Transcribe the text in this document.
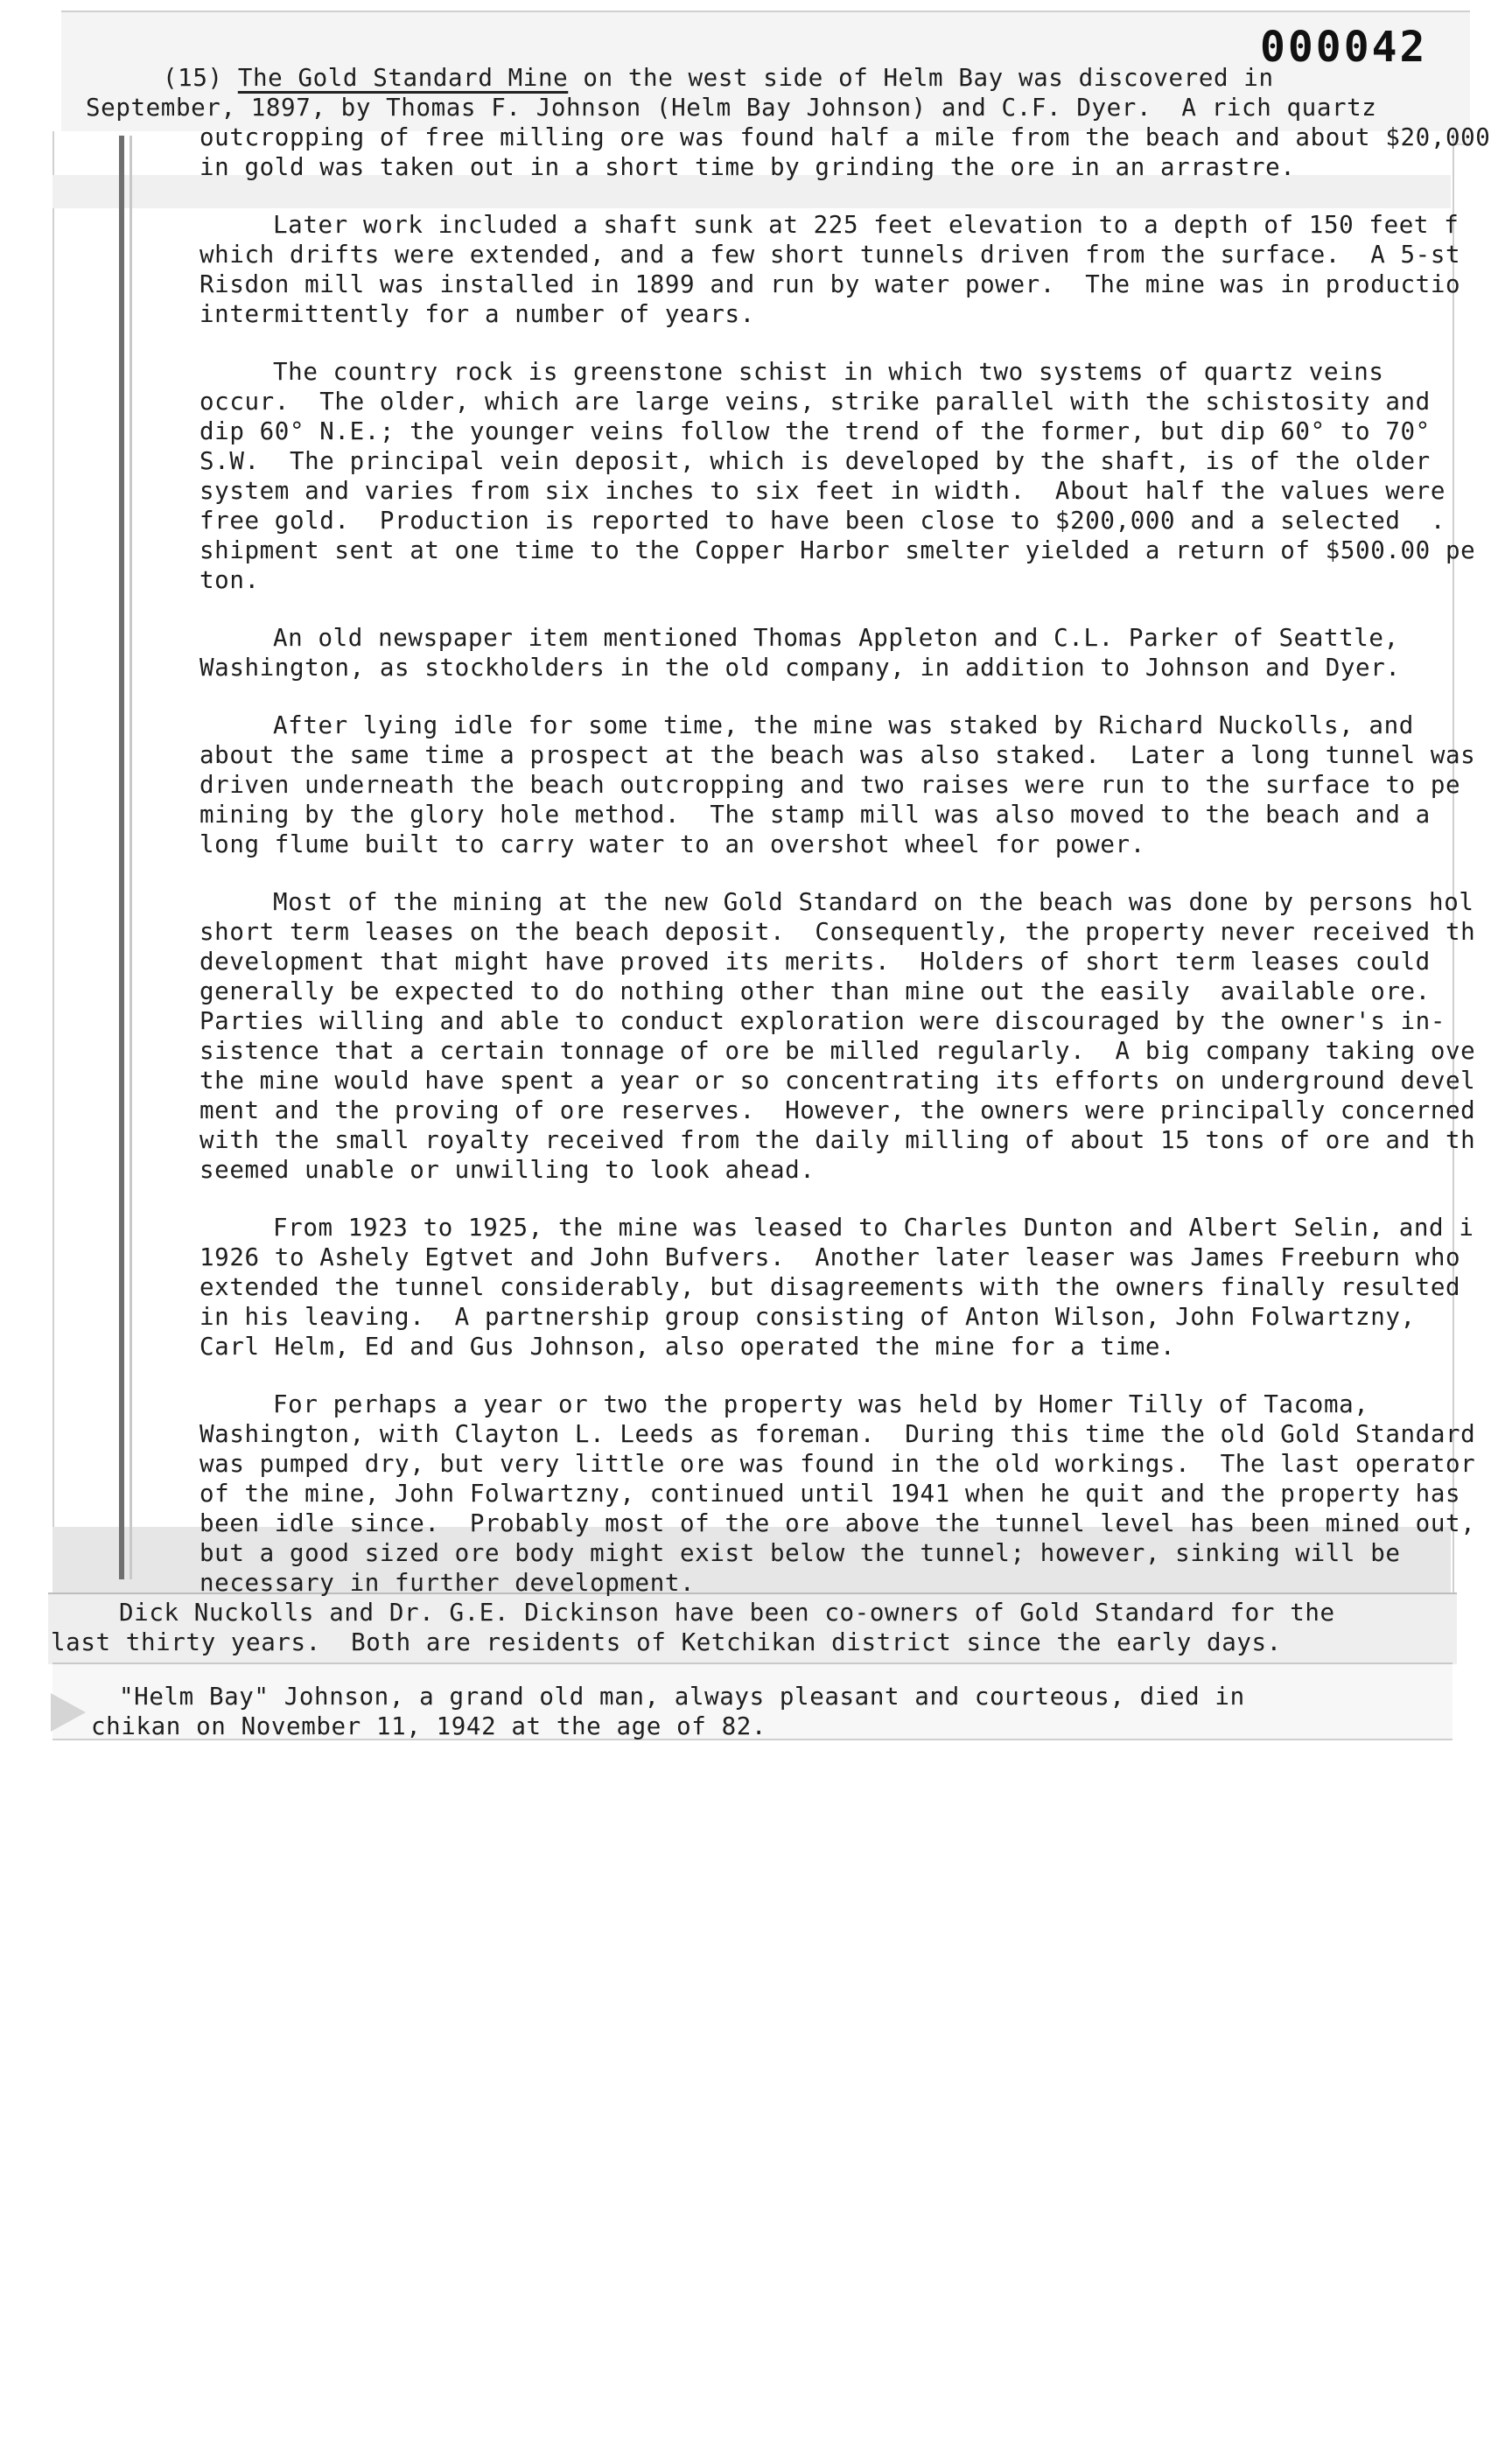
000042

(15) The Gold Standard Mine on the west side of Helm Bay was discovered in

September, 1897, by Thomas F. Johnson (Helm Bay Johnson) and C.F. Dyer.  A rich quartz

outcropping of free milling ore was found half a mile from the beach and about $20,000

in gold was taken out in a short time by grinding the ore in an arrastre.

Later work included a shaft sunk at 225 feet elevation to a depth of 150 feet f

which drifts were extended, and a few short tunnels driven from the surface.  A 5-st

Risdon mill was installed in 1899 and run by water power.  The mine was in productio

intermittently for a number of years.

The country rock is greenstone schist in which two systems of quartz veins

occur.  The older, which are large veins, strike parallel with the schistosity and

dip 60° N.E.; the younger veins follow the trend of the former, but dip 60° to 70°

S.W.  The principal vein deposit, which is developed by the shaft, is of the older

system and varies from six inches to six feet in width.  About half the values were

free gold.  Production is reported to have been close to $200,000 and a selected  .

shipment sent at one time to the Copper Harbor smelter yielded a return of $500.00 pe

ton.

An old newspaper item mentioned Thomas Appleton and C.L. Parker of Seattle,

Washington, as stockholders in the old company, in addition to Johnson and Dyer.

After lying idle for some time, the mine was staked by Richard Nuckolls, and

about the same time a prospect at the beach was also staked.  Later a long tunnel was

driven underneath the beach outcropping and two raises were run to the surface to pe

mining by the glory hole method.  The stamp mill was also moved to the beach and a

long flume built to carry water to an overshot wheel for power.

Most of the mining at the new Gold Standard on the beach was done by persons hol

short term leases on the beach deposit.  Consequently, the property never received th

development that might have proved its merits.  Holders of short term leases could

generally be expected to do nothing other than mine out the easily  available ore.

Parties willing and able to conduct exploration were discouraged by the owner's in-

sistence that a certain tonnage of ore be milled regularly.  A big company taking ove

the mine would have spent a year or so concentrating its efforts on underground devel

ment and the proving of ore reserves.  However, the owners were principally concerned

with the small royalty received from the daily milling of about 15 tons of ore and th

seemed unable or unwilling to look ahead.

From 1923 to 1925, the mine was leased to Charles Dunton and Albert Selin, and i

1926 to Ashely Egtvet and John Bufvers.  Another later leaser was James Freeburn who

extended the tunnel considerably, but disagreements with the owners finally resulted

in his leaving.  A partnership group consisting of Anton Wilson, John Folwartzny,

Carl Helm, Ed and Gus Johnson, also operated the mine for a time.

For perhaps a year or two the property was held by Homer Tilly of Tacoma,

Washington, with Clayton L. Leeds as foreman.  During this time the old Gold Standard

was pumped dry, but very little ore was found in the old workings.  The last operator

of the mine, John Folwartzny, continued until 1941 when he quit and the property has

been idle since.  Probably most of the ore above the tunnel level has been mined out,

but a good sized ore body might exist below the tunnel; however, sinking will be

necessary in further development.

Dick Nuckolls and Dr. G.E. Dickinson have been co-owners of Gold Standard for the

last thirty years.  Both are residents of Ketchikan district since the early days.

"Helm Bay" Johnson, a grand old man, always pleasant and courteous, died in

chikan on November 11, 1942 at the age of 82.
